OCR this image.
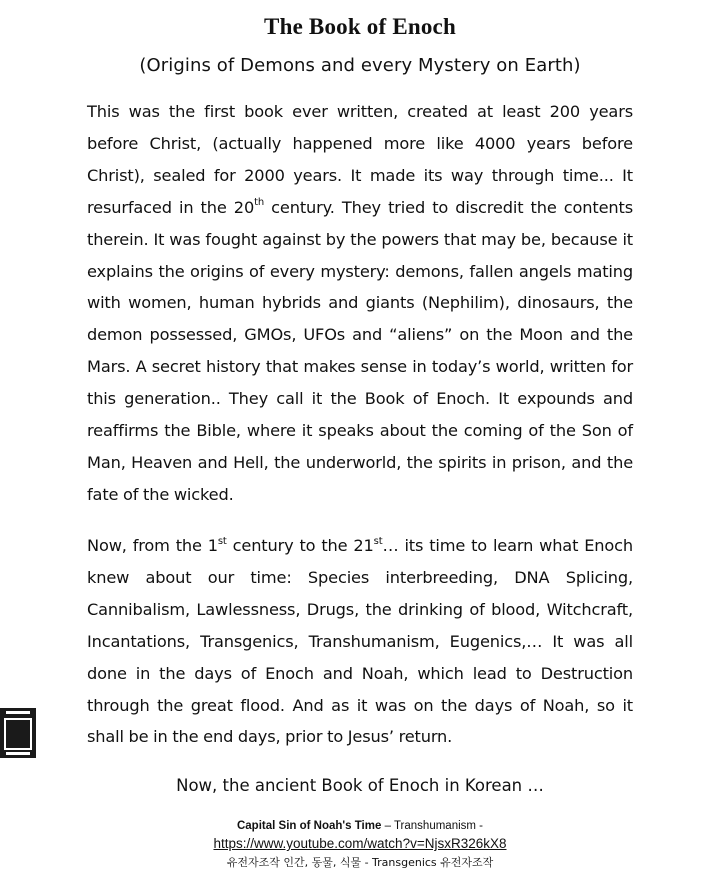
The Book of Enoch
(Origins of Demons and every Mystery on Earth)

This was the first book ever written, created at least 200 years before Christ, (actually happened more like 4000 years before Christ), sealed for 2000 years. It made its way through time... It resurfaced in the 20th century. They tried to discredit the contents therein. It was fought against by the powers that may be, because it explains the origins of every mystery: demons, fallen angels mating with women, human hybrids and giants (Nephilim), dinosaurs, the demon possessed, GMOs, UFOs and “aliens” on the Moon and the Mars. A secret history that makes sense in today’s world, written for this generation.. They call it the Book of Enoch. It expounds and reaffirms the Bible, where it speaks about the coming of the Son of Man, Heaven and Hell, the underworld, the spirits in prison, and the fate of the wicked.

Now, from the 1st century to the 21st… its time to learn what Enoch knew about our time: Species interbreeding, DNA Splicing, Cannibalism, Lawlessness, Drugs, the drinking of blood, Witchcraft, Incantations, Transgenics, Transhumanism, Eugenics,… It was all done in the days of Enoch and Noah, which lead to Destruction through the great flood. And as it was on the days of Noah, so it shall be in the end days, prior to Jesus’ return.

Now, the ancient Book of Enoch in Korean …
Capital Sin of Noah's Time – Transhumanism -
https://www.youtube.com/watch?v=NjsxR326kX8
유전자조작 인간, 동물, 식물 - Transgenics 유전자조작
